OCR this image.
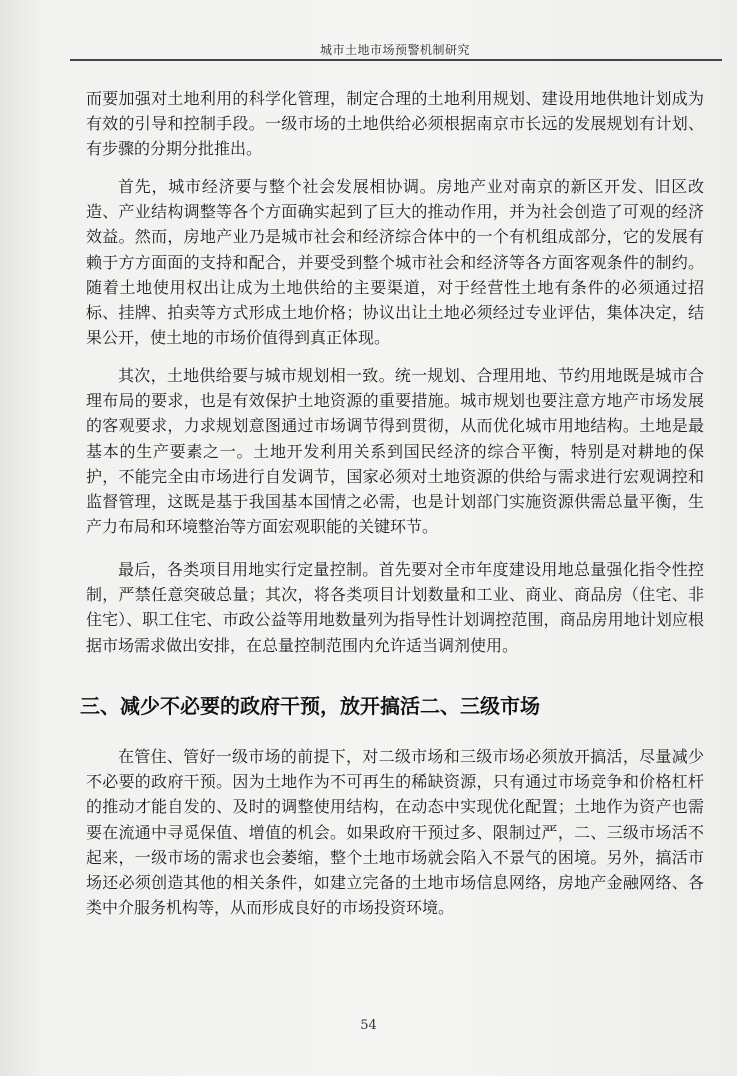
城市土地市场预警机制研究

而要加强对土地利用的科学化管理，制定合理的土地利用规划、建设用地供地计划成为有效的引导和控制手段。一级市场的土地供给必须根据南京市长远的发展规划有计划、有步骤的分期分批推出。

首先，城市经济要与整个社会发展相协调。房地产业对南京的新区开发、旧区改造、产业结构调整等各个方面确实起到了巨大的推动作用，并为社会创造了可观的经济效益。然而，房地产业乃是城市社会和经济综合体中的一个有机组成部分，它的发展有赖于方方面面的支持和配合，并要受到整个城市社会和经济等各方面客观条件的制约。随着土地使用权出让成为土地供给的主要渠道，对于经营性土地有条件的必须通过招标、挂牌、拍卖等方式形成土地价格；协议出让土地必须经过专业评估，集体决定，结果公开，使土地的市场价值得到真正体现。

其次，土地供给要与城市规划相一致。统一规划、合理用地、节约用地既是城市合理布局的要求，也是有效保护土地资源的重要措施。城市规划也要注意方地产市场发展的客观要求，力求规划意图通过市场调节得到贯彻，从而优化城市用地结构。土地是最基本的生产要素之一。土地开发利用关系到国民经济的综合平衡，特别是对耕地的保护，不能完全由市场进行自发调节，国家必须对土地资源的供给与需求进行宏观调控和监督管理，这既是基于我国基本国情之必需，也是计划部门实施资源供需总量平衡，生产力布局和环境整治等方面宏观职能的关键环节。

最后，各类项目用地实行定量控制。首先要对全市年度建设用地总量强化指令性控制，严禁任意突破总量；其次，将各类项目计划数量和工业、商业、商品房（住宅、非住宅）、职工住宅、市政公益等用地数量列为指导性计划调控范围，商品房用地计划应根据市场需求做出安排，在总量控制范围内允许适当调剂使用。

三、减少不必要的政府干预，放开搞活二、三级市场

在管住、管好一级市场的前提下，对二级市场和三级市场必须放开搞活，尽量减少不必要的政府干预。因为土地作为不可再生的稀缺资源，只有通过市场竞争和价格杠杆的推动才能自发的、及时的调整使用结构，在动态中实现优化配置；土地作为资产也需要在流通中寻觅保值、增值的机会。如果政府干预过多、限制过严，二、三级市场活不起来，一级市场的需求也会萎缩，整个土地市场就会陷入不景气的困境。另外，搞活市场还必须创造其他的相关条件，如建立完备的土地市场信息网络，房地产金融网络、各类中介服务机构等，从而形成良好的市场投资环境。

54
